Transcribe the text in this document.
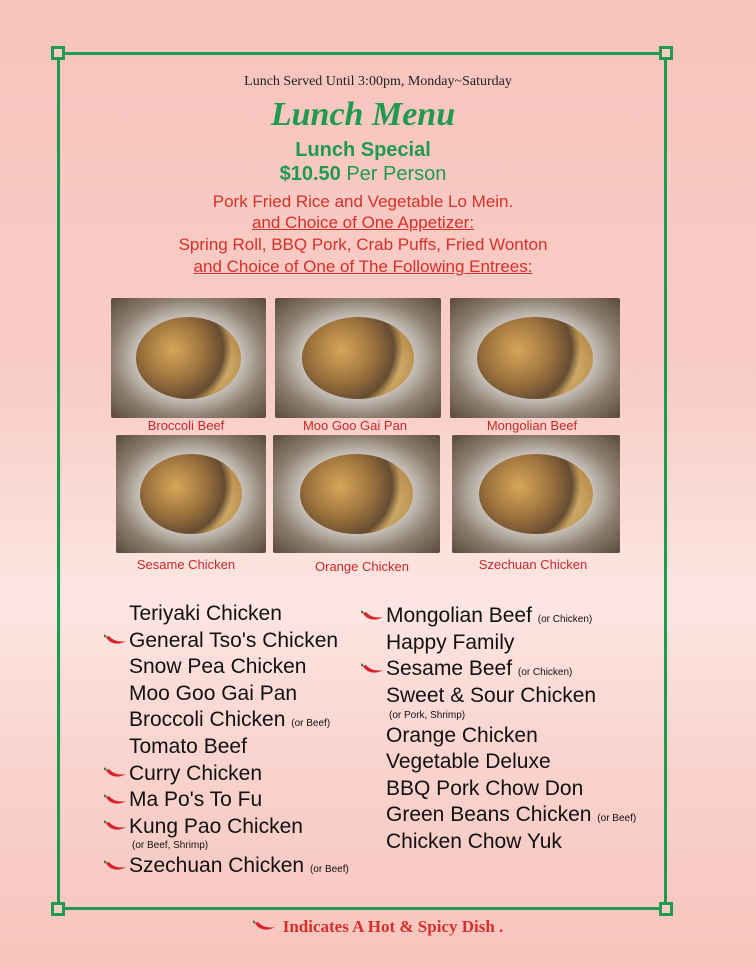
Lunch Served Until 3:00pm, Monday~Saturday
Lunch Menu
Lunch Special
$10.50 Per Person
Pork Fried Rice and Vegetable Lo Mein.
and Choice of One Appetizer:
Spring Roll, BBQ Pork, Crab Puffs, Fried Wonton
and Choice of One of The Following Entrees:
Broccoli Beef	Moo Goo Gai Pan	Mongolian Beef
Sesame Chicken	Orange Chicken	Szechuan Chicken
Teriyaki Chicken
General Tso's Chicken
Snow Pea Chicken
Moo Goo Gai Pan
Broccoli Chicken (or Beef)
Tomato Beef
Curry Chicken
Ma Po's To Fu
Kung Pao Chicken
(or Beef, Shrimp)
Szechuan Chicken (or Beef)
Mongolian Beef (or Chicken)
Happy Family
Sesame Beef (or Chicken)
Sweet & Sour Chicken
(or Pork, Shrimp)
Orange Chicken
Vegetable Deluxe
BBQ Pork Chow Don
Green Beans Chicken (or Beef)
Chicken Chow Yuk
Indicates A Hot & Spicy Dish .
